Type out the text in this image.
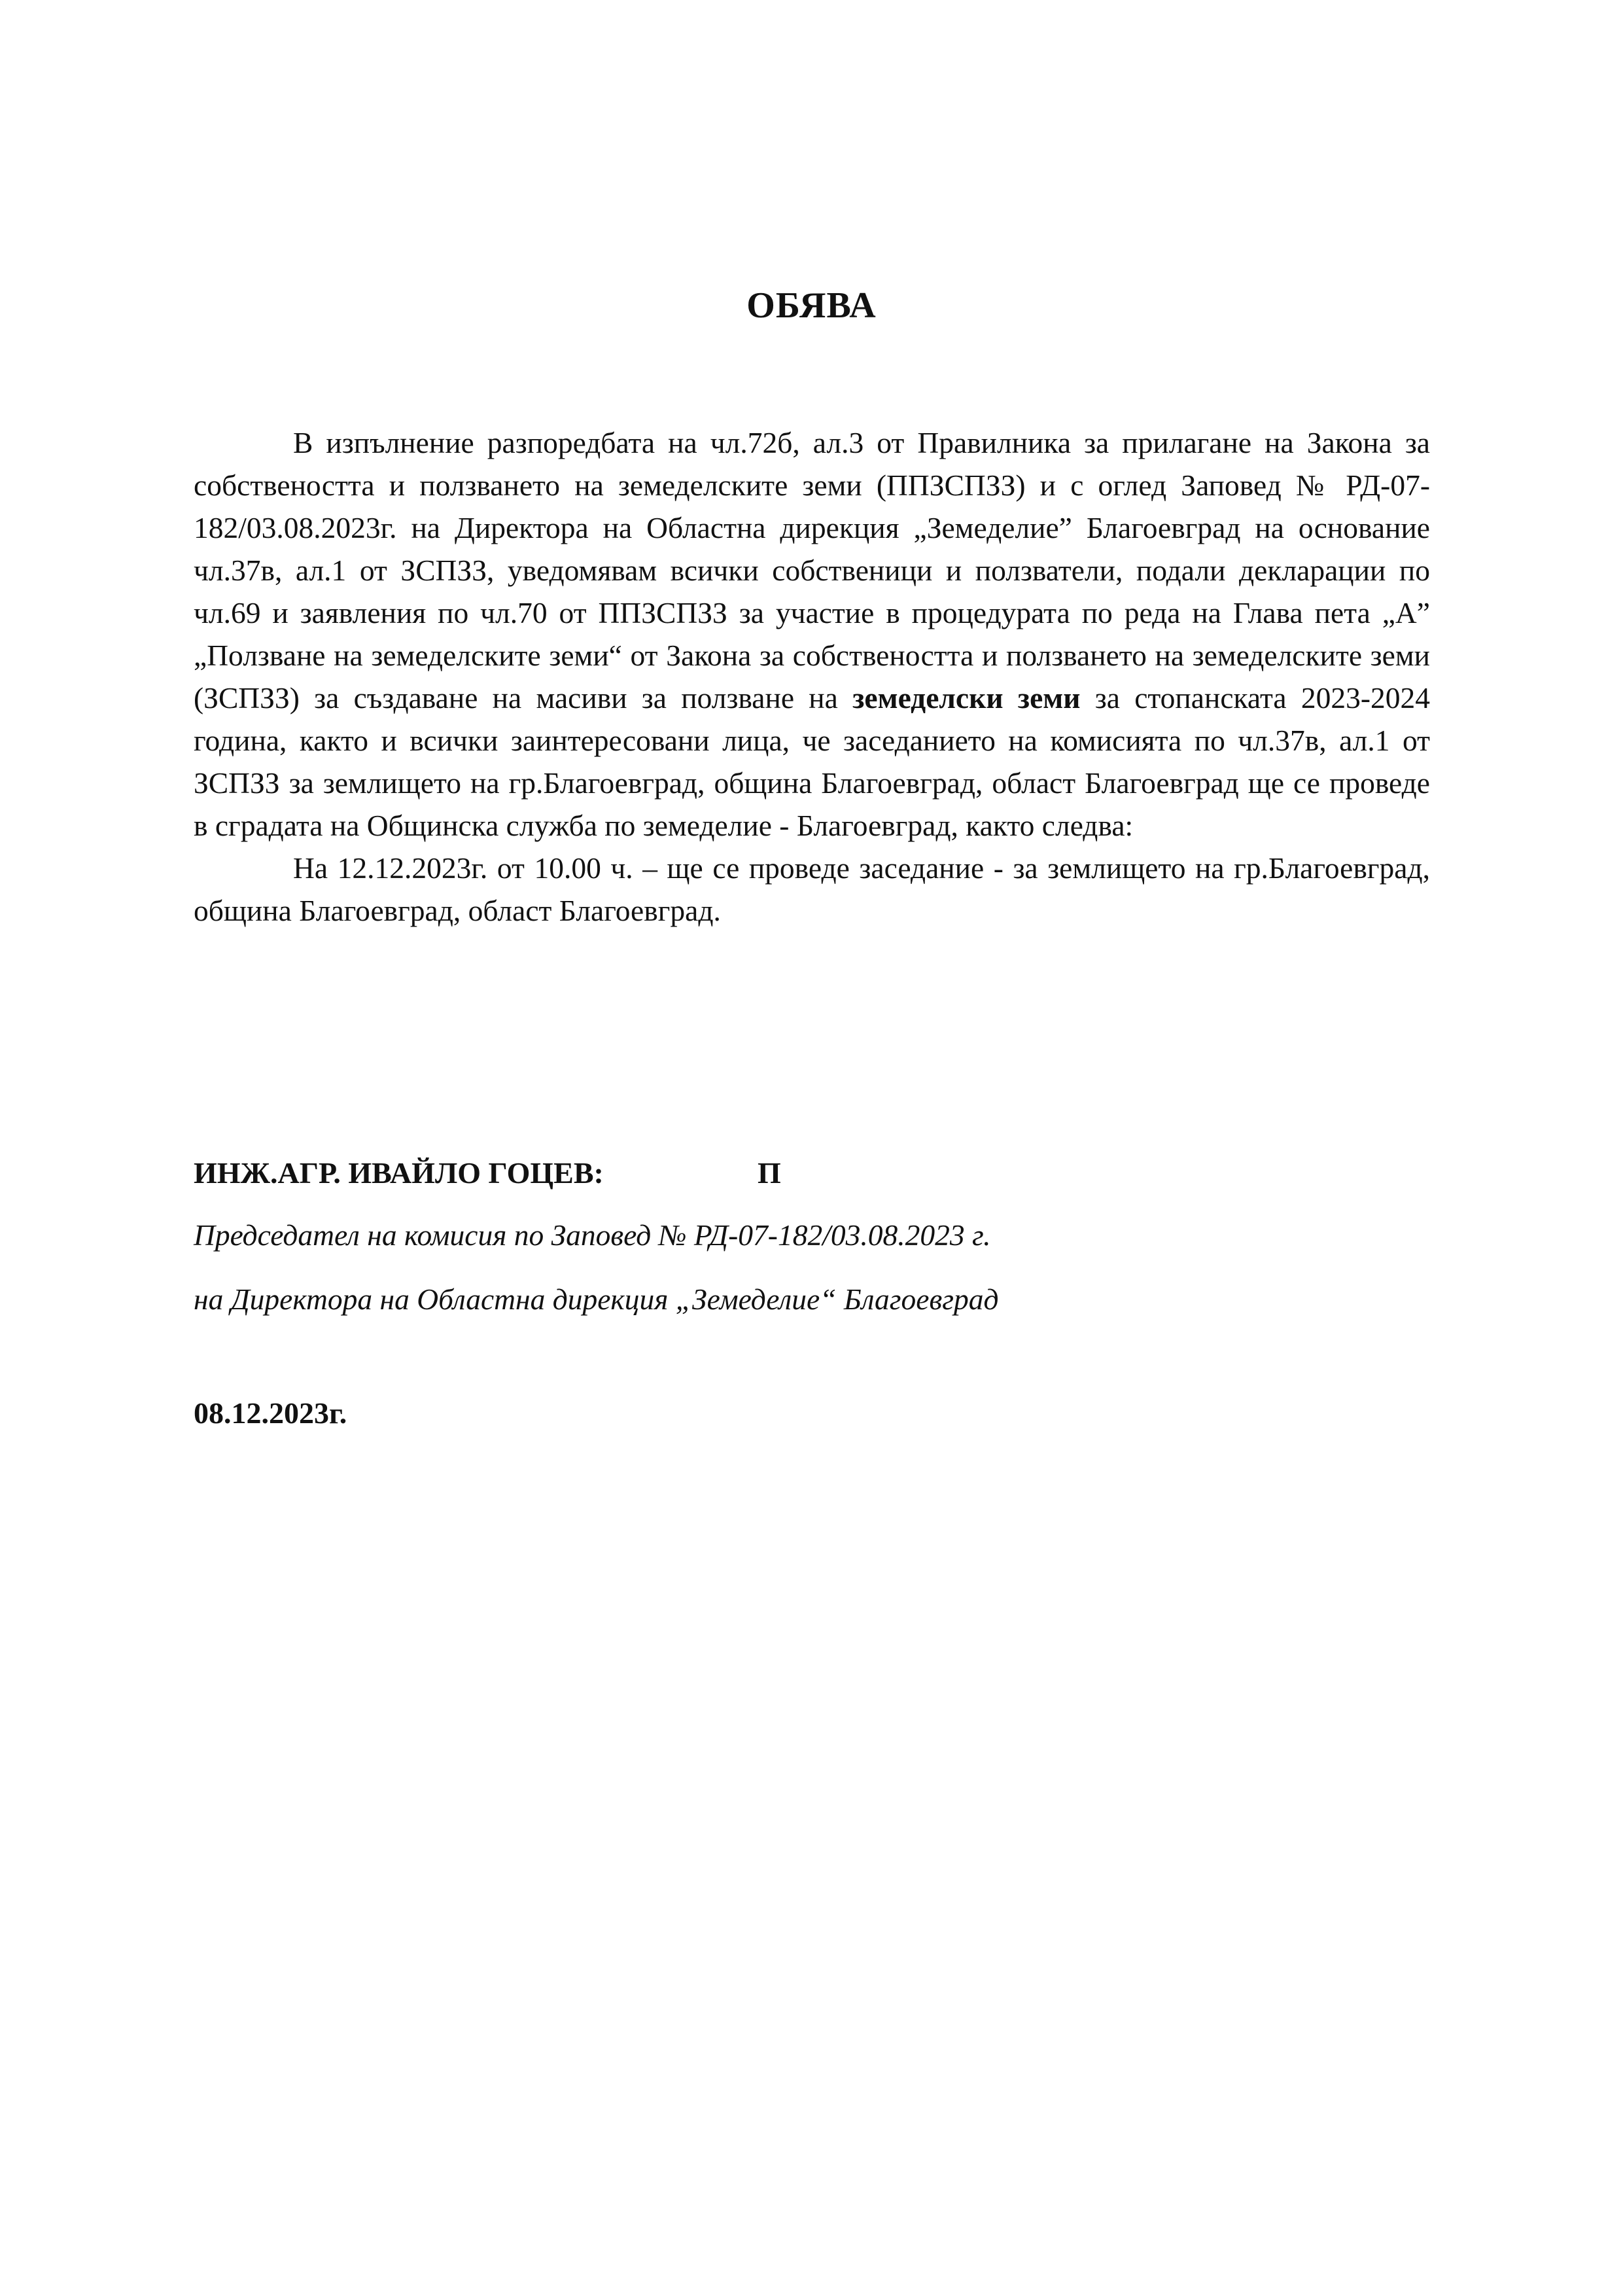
ОБЯВА

В изпълнение разпоредбата на чл.72б, ал.3 от Правилника за прилагане на Закона за собствеността и ползването на земеделските земи (ППЗСПЗЗ) и с оглед Заповед № РД-07-182/03.08.2023г. на Директора на Областна дирекция „Земеделие” Благоевград на основание чл.37в, ал.1 от ЗСПЗЗ, уведомявам всички собственици и ползватели, подали декларации по чл.69 и заявления по чл.70 от ППЗСПЗЗ за участие в процедурата по реда на Глава пета „А” „Ползване на земеделските земи“ от Закона за собствеността и ползването на земеделските земи (ЗСПЗЗ) за създаване на масиви за ползване на земеделски земи за стопанската 2023-2024 година, както и всички заинтересовани лица, че заседанието на комисията по чл.37в, ал.1 от ЗСПЗЗ за землището на гр.Благоевград, община Благоевград, област Благоевград ще се проведе в сградата на Общинска служба по земеделие - Благоевград, както следва:

На 12.12.2023г. от 10.00 ч. – ще се проведе заседание - за землището на гр.Благоевград, община Благоевград, област Благоевград.

ИНЖ.АГР. ИВАЙЛО ГОЦЕВ:	П
Председател на комисия по Заповед № РД-07-182/03.08.2023 г.
на Директора на Областна дирекция „Земеделие“ Благоевград
08.12.2023г.
